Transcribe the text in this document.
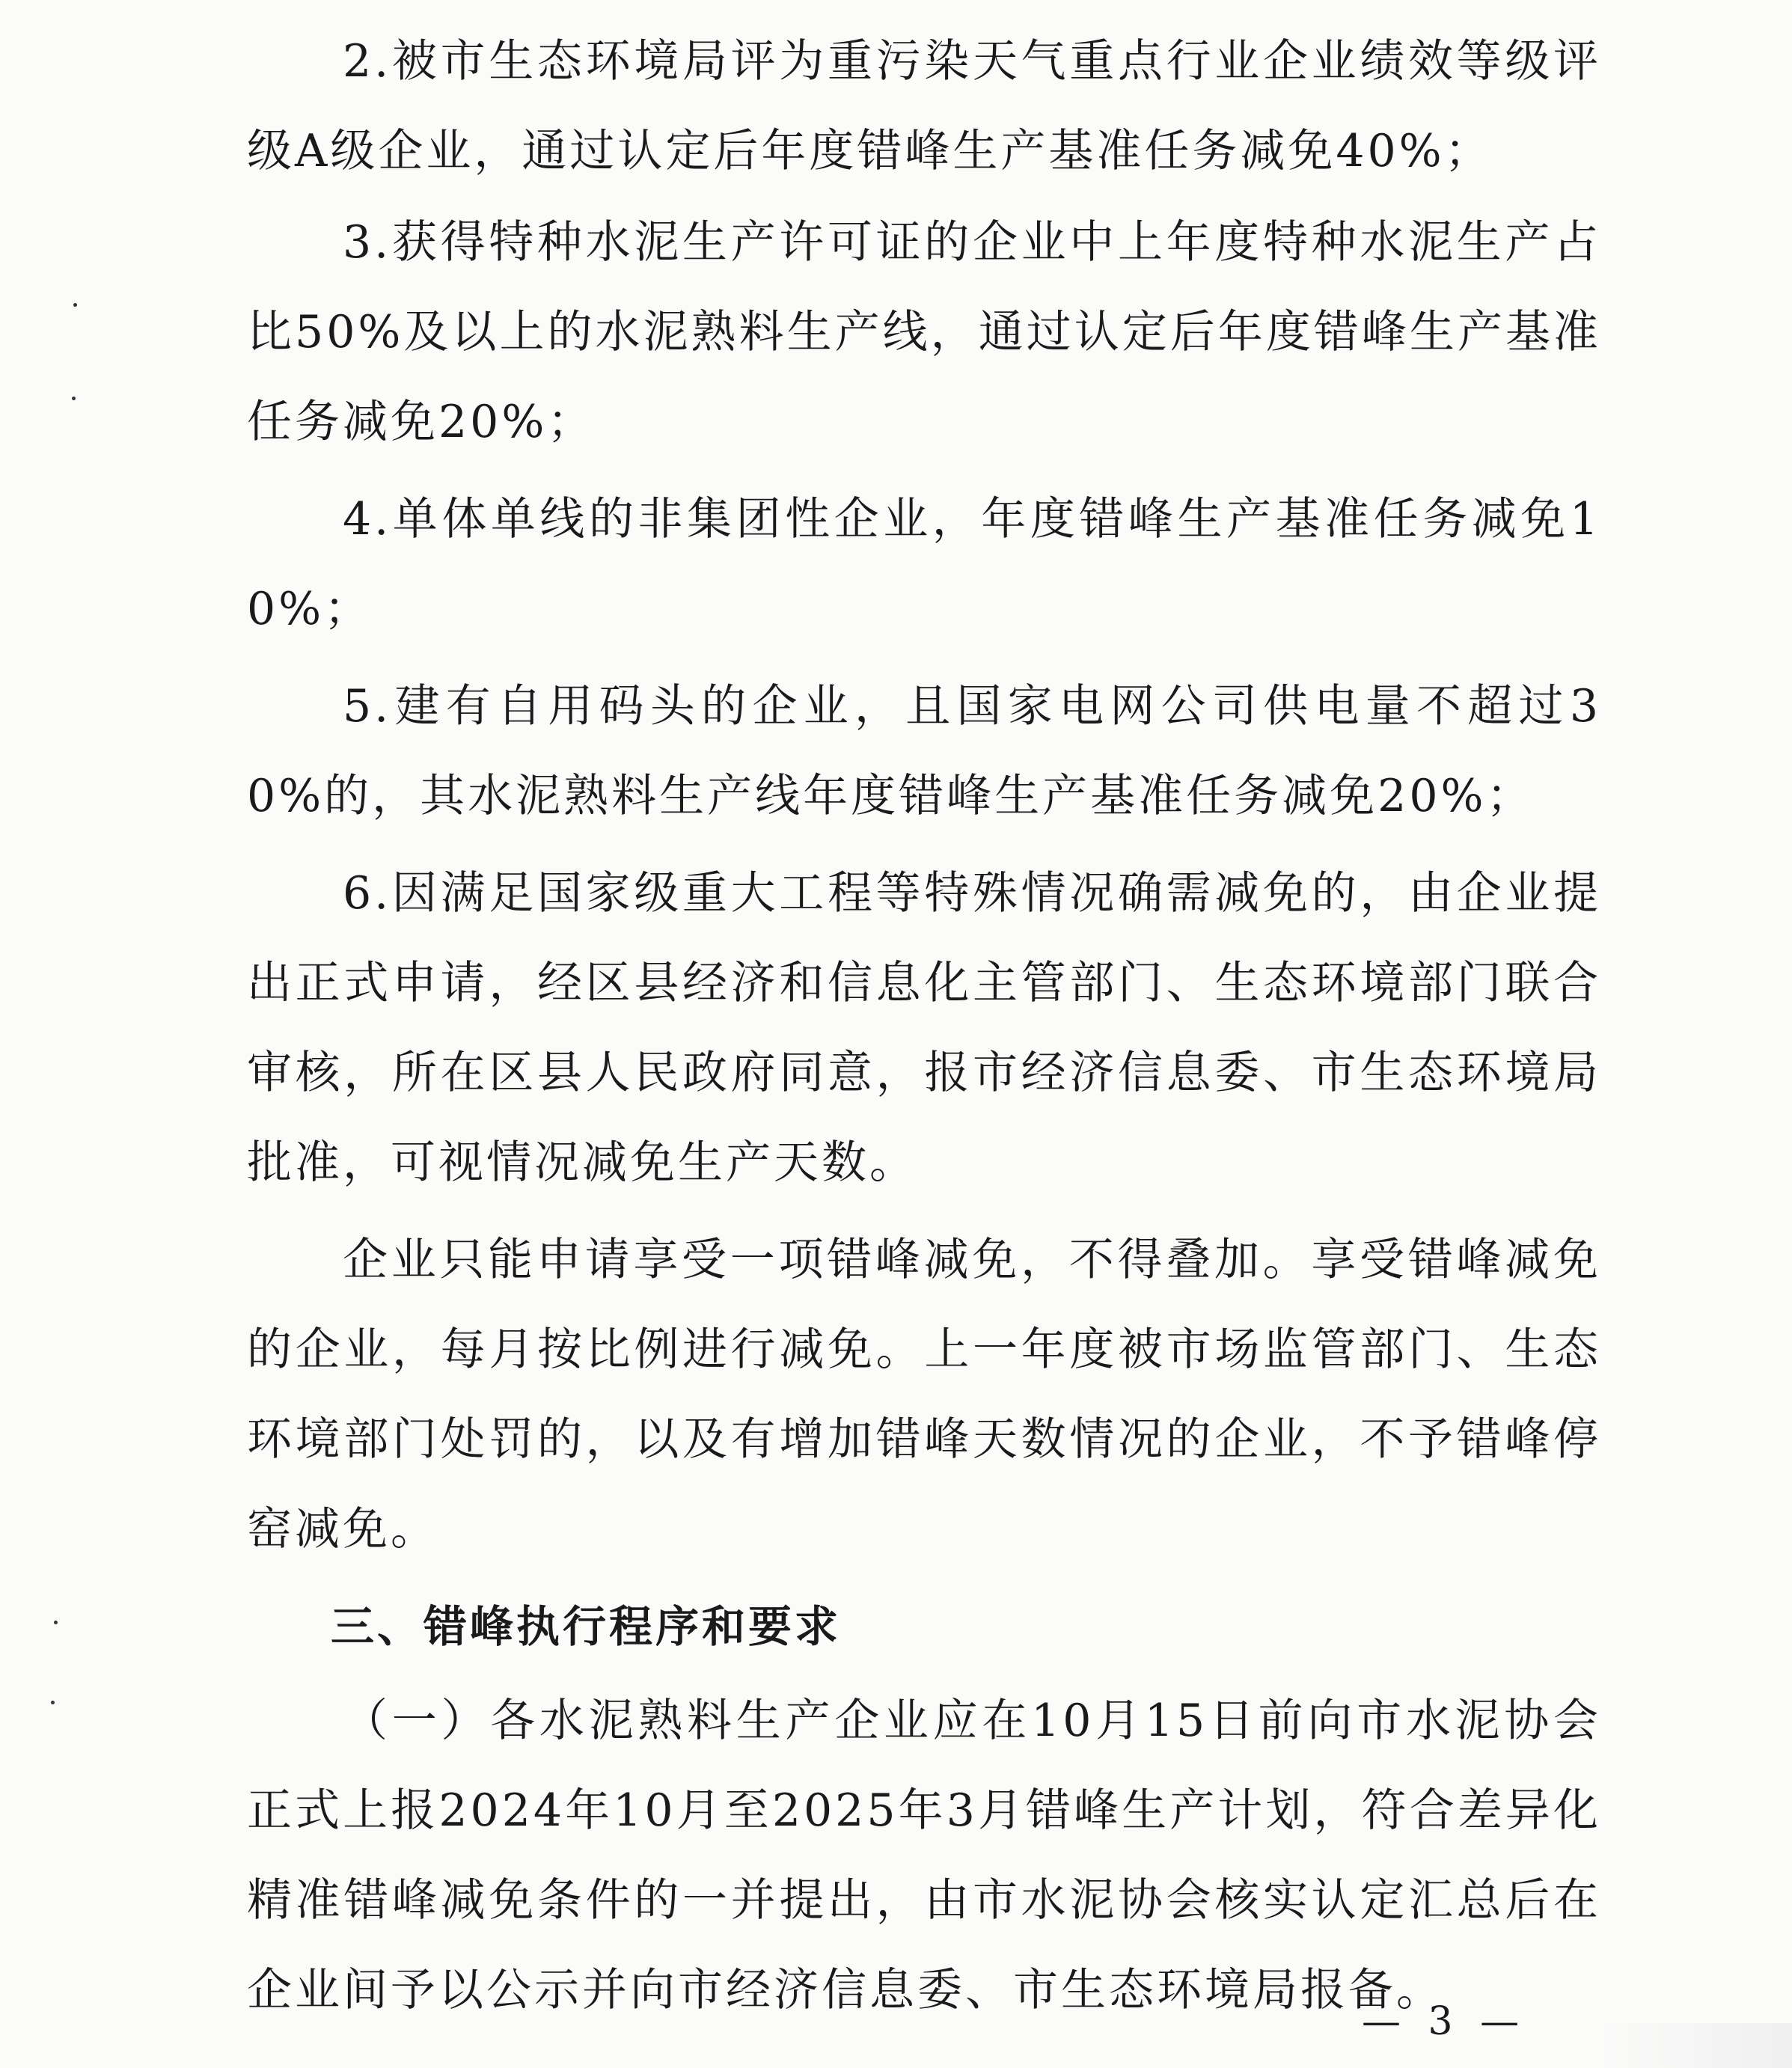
2.被市生态环境局评为重污染天气重点行业企业绩效等级评级A级企业，通过认定后年度错峰生产基准任务减免40%；

3.获得特种水泥生产许可证的企业中上年度特种水泥生产占比50%及以上的水泥熟料生产线，通过认定后年度错峰生产基准任务减免20%；

4.单体单线的非集团性企业，年度错峰生产基准任务减免10%；

5.建有自用码头的企业，且国家电网公司供电量不超过30%的，其水泥熟料生产线年度错峰生产基准任务减免20%；

6.因满足国家级重大工程等特殊情况确需减免的，由企业提出正式申请，经区县经济和信息化主管部门、生态环境部门联合审核，所在区县人民政府同意，报市经济信息委、市生态环境局批准，可视情况减免生产天数。

企业只能申请享受一项错峰减免，不得叠加。享受错峰减免的企业，每月按比例进行减免。上一年度被市场监管部门、生态环境部门处罚的，以及有增加错峰天数情况的企业，不予错峰停窑减免。

三、错峰执行程序和要求

（一）各水泥熟料生产企业应在10月15日前向市水泥协会正式上报2024年10月至2025年3月错峰生产计划，符合差异化精准错峰减免条件的一并提出，由市水泥协会核实认定汇总后在企业间予以公示并向市经济信息委、市生态环境局报备。

— 3 —
